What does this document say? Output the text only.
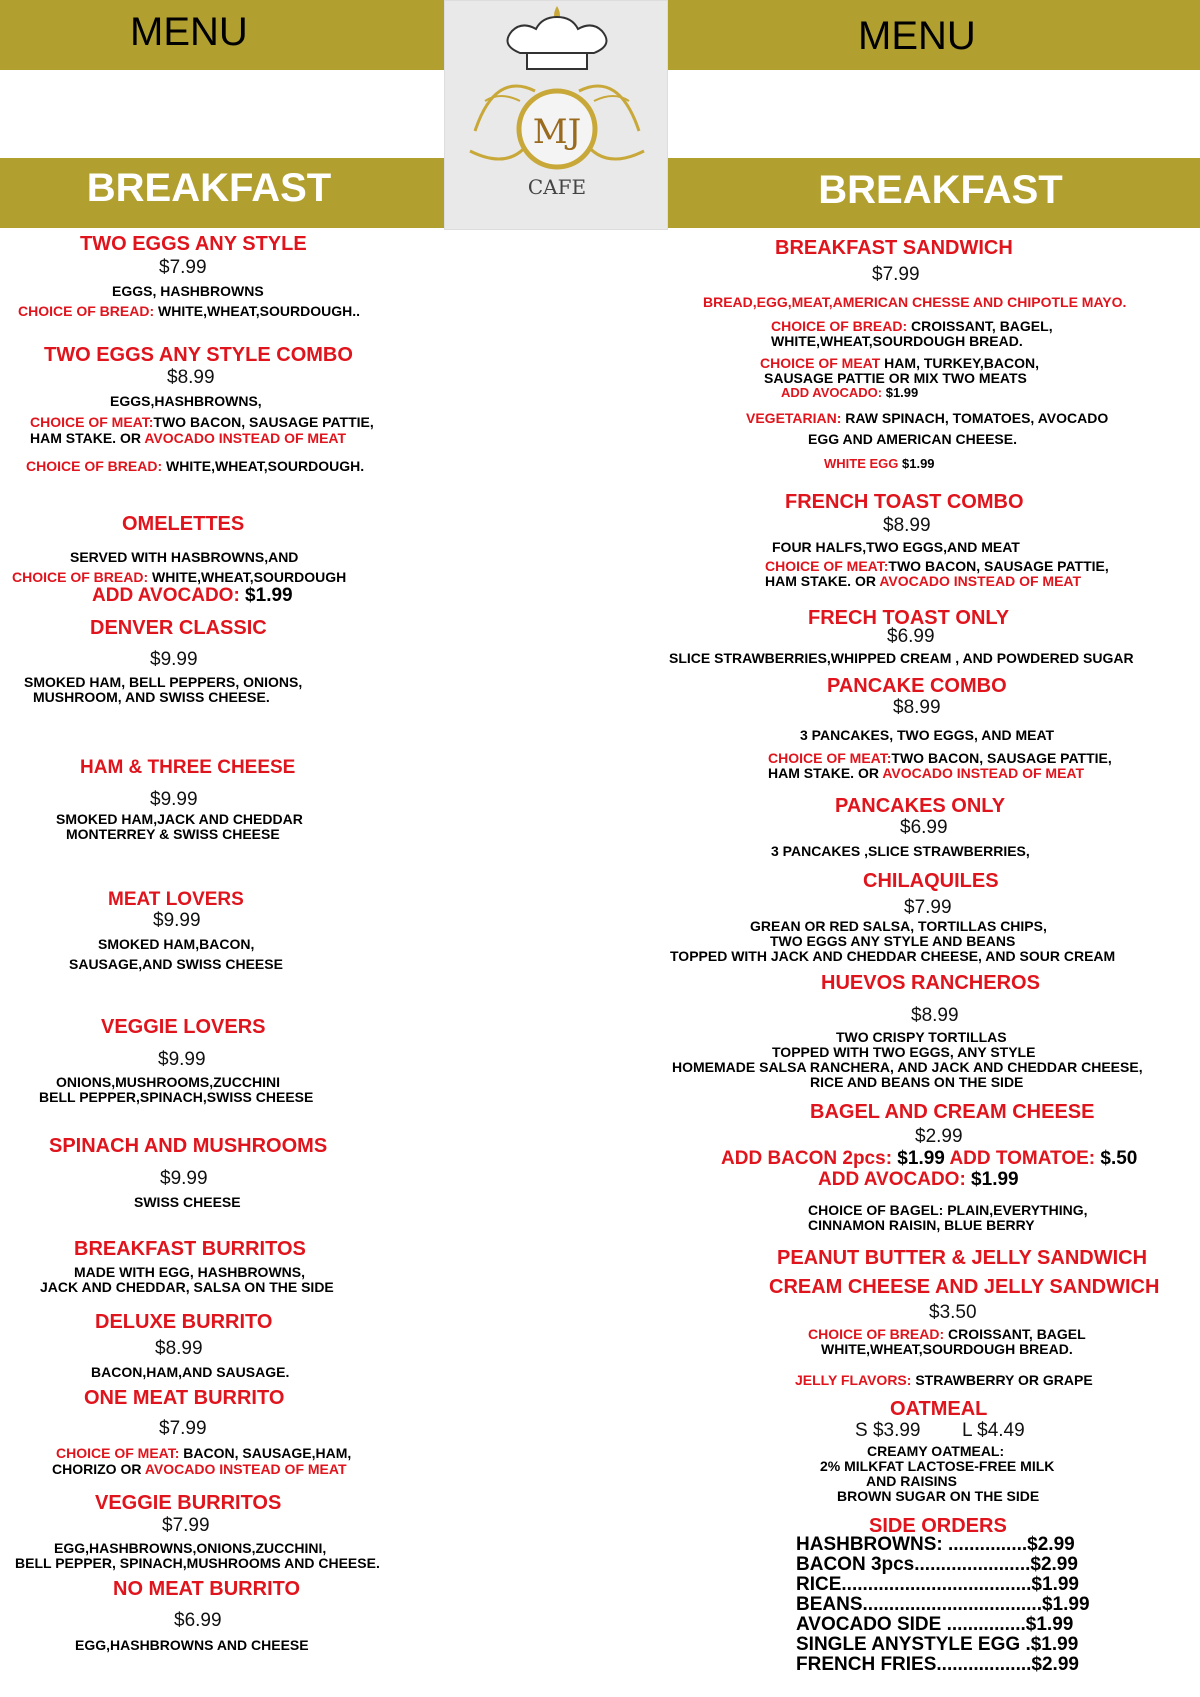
MENU	MENU
BREAKFAST	BREAKFAST
MJ
CAFE
TWO EGGS ANY STYLE
$7.99
EGGS, HASHBROWNS
CHOICE OF BREAD: WHITE,WHEAT,SOURDOUGH..
TWO EGGS ANY STYLE COMBO
$8.99
EGGS,HASHBROWNS,
CHOICE OF MEAT:TWO BACON, SAUSAGE PATTIE,
HAM STAKE. OR AVOCADO INSTEAD OF MEAT
CHOICE OF BREAD: WHITE,WHEAT,SOURDOUGH.
OMELETTES
SERVED WITH HASBROWNS,AND
CHOICE OF BREAD: WHITE,WHEAT,SOURDOUGH
ADD AVOCADO: $1.99
DENVER CLASSIC
$9.99
SMOKED HAM, BELL PEPPERS, ONIONS,
MUSHROOM, AND SWISS CHEESE.
HAM & THREE CHEESE
$9.99
SMOKED HAM,JACK AND CHEDDAR
MONTERREY & SWISS CHEESE
MEAT LOVERS
$9.99
SMOKED HAM,BACON,
SAUSAGE,AND SWISS CHEESE
VEGGIE LOVERS
$9.99
ONIONS,MUSHROOMS,ZUCCHINI
BELL PEPPER,SPINACH,SWISS CHEESE
SPINACH AND MUSHROOMS
$9.99
SWISS CHEESE
BREAKFAST BURRITOS
MADE WITH EGG, HASHBROWNS,
JACK AND CHEDDAR, SALSA ON THE SIDE
DELUXE BURRITO
$8.99
BACON,HAM,AND SAUSAGE.
ONE MEAT BURRITO
$7.99
CHOICE OF MEAT: BACON, SAUSAGE,HAM,
CHORIZO OR AVOCADO INSTEAD OF MEAT
VEGGIE BURRITOS
$7.99
EGG,HASHBROWNS,ONIONS,ZUCCHINI,
BELL PEPPER, SPINACH,MUSHROOMS AND CHEESE.
NO MEAT BURRITO
$6.99
EGG,HASHBROWNS AND CHEESE
BREAKFAST SANDWICH
$7.99
BREAD,EGG,MEAT,AMERICAN CHESSE AND CHIPOTLE MAYO.
CHOICE OF BREAD: CROISSANT, BAGEL,
WHITE,WHEAT,SOURDOUGH BREAD.
CHOICE OF MEAT HAM, TURKEY,BACON,
SAUSAGE PATTIE OR MIX TWO MEATS
ADD AVOCADO: $1.99
VEGETARIAN: RAW SPINACH, TOMATOES, AVOCADO
EGG AND AMERICAN CHEESE.
WHITE EGG $1.99
FRENCH TOAST COMBO
$8.99
FOUR HALFS,TWO EGGS,AND MEAT
CHOICE OF MEAT:TWO BACON, SAUSAGE PATTIE,
HAM STAKE. OR AVOCADO INSTEAD OF MEAT
FRECH TOAST ONLY
$6.99
SLICE STRAWBERRIES,WHIPPED CREAM , AND POWDERED SUGAR
PANCAKE COMBO
$8.99
3 PANCAKES, TWO EGGS, AND MEAT
CHOICE OF MEAT:TWO BACON, SAUSAGE PATTIE,
HAM STAKE. OR AVOCADO INSTEAD OF MEAT
PANCAKES ONLY
$6.99
3 PANCAKES ,SLICE STRAWBERRIES,
CHILAQUILES
$7.99
GREAN OR RED SALSA, TORTILLAS CHIPS,
TWO EGGS ANY STYLE AND BEANS
TOPPED WITH JACK AND CHEDDAR CHEESE, AND SOUR CREAM
HUEVOS RANCHEROS
$8.99
TWO CRISPY TORTILLAS
TOPPED WITH TWO EGGS, ANY STYLE
HOMEMADE SALSA RANCHERA, AND JACK AND CHEDDAR CHEESE,
RICE AND BEANS ON THE SIDE
BAGEL AND CREAM CHEESE
$2.99
ADD BACON 2pcs: $1.99 ADD TOMATOE: $.50
ADD AVOCADO: $1.99
CHOICE OF BAGEL: PLAIN,EVERYTHING,
CINNAMON RAISIN, BLUE BERRY
PEANUT BUTTER & JELLY SANDWICH
CREAM CHEESE AND JELLY SANDWICH
$3.50
CHOICE OF BREAD: CROISSANT, BAGEL
WHITE,WHEAT,SOURDOUGH BREAD.
JELLY FLAVORS: STRAWBERRY OR GRAPE
OATMEAL
S $3.99 L $4.49
CREAMY OATMEAL:
2% MILKFAT LACTOSE-FREE MILK
AND RAISINS
BROWN SUGAR ON THE SIDE
SIDE ORDERS
HASHBROWNS: ...............$2.99
BACON 3pcs......................$2.99
RICE....................................$1.99
BEANS..................................$1.99
AVOCADO SIDE ...............$1.99
SINGLE ANYSTYLE EGG .$1.99
FRENCH FRIES..................$2.99
